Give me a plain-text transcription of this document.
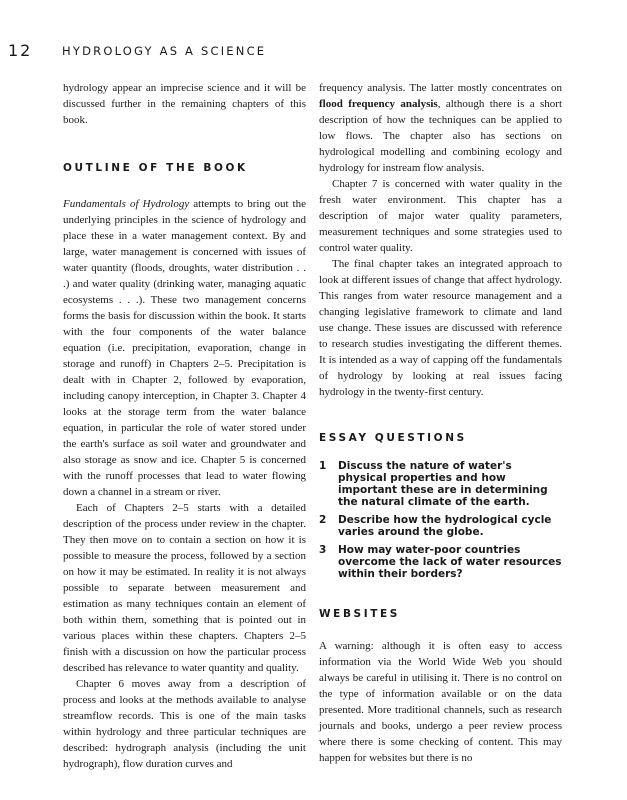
12	HYDROLOGY AS A SCIENCE

hydrology appear an imprecise science and it will be discussed further in the remaining chapters of this book.

OUTLINE OF THE BOOK

Fundamentals of Hydrology attempts to bring out the underlying principles in the science of hydrology and place these in a water management context. By and large, water management is concerned with issues of water quantity (floods, droughts, water distribution . . .) and water quality (drinking water, managing aquatic ecosystems . . .). These two management concerns forms the basis for discussion within the book. It starts with the four components of the water balance equation (i.e. precipitation, evaporation, change in storage and runoff) in Chapters 2–5. Precipitation is dealt with in Chapter 2, followed by evaporation, including canopy interception, in Chapter 3. Chapter 4 looks at the storage term from the water balance equation, in particular the role of water stored under the earth's surface as soil water and groundwater and also storage as snow and ice. Chapter 5 is concerned with the runoff processes that lead to water flowing down a channel in a stream or river.

Each of Chapters 2–5 starts with a detailed description of the process under review in the chapter. They then move on to contain a section on how it is possible to measure the process, followed by a section on how it may be estimated. In reality it is not always possible to separate between measurement and estimation as many techniques contain an element of both within them, something that is pointed out in various places within these chapters. Chapters 2–5 finish with a discussion on how the particular process described has relevance to water quantity and quality.

Chapter 6 moves away from a description of process and looks at the methods available to analyse streamflow records. This is one of the main tasks within hydrology and three particular techniques are described: hydrograph analysis (including the unit hydrograph), flow duration curves and

frequency analysis. The latter mostly concentrates on flood frequency analysis, although there is a short description of how the techniques can be applied to low flows. The chapter also has sections on hydrological modelling and combining ecology and hydrology for instream flow analysis.

Chapter 7 is concerned with water quality in the fresh water environment. This chapter has a description of major water quality parameters, measurement techniques and some strategies used to control water quality.

The final chapter takes an integrated approach to look at different issues of change that affect hydrology. This ranges from water resource management and a changing legislative framework to climate and land use change. These issues are discussed with reference to research studies investigating the different themes. It is intended as a way of capping off the fundamentals of hydrology by looking at real issues facing hydrology in the twenty-first century.

ESSAY QUESTIONS
1	Discuss the nature of water's physical properties and how important these are in determining the natural climate of the earth.
2	Describe how the hydrological cycle varies around the globe.
3	How may water-poor countries overcome the lack of water resources within their borders?
WEBSITES

A warning: although it is often easy to access information via the World Wide Web you should always be careful in utilising it. There is no control on the type of information available or on the data presented. More traditional channels, such as research journals and books, undergo a peer review process where there is some checking of content. This may happen for websites but there is no
